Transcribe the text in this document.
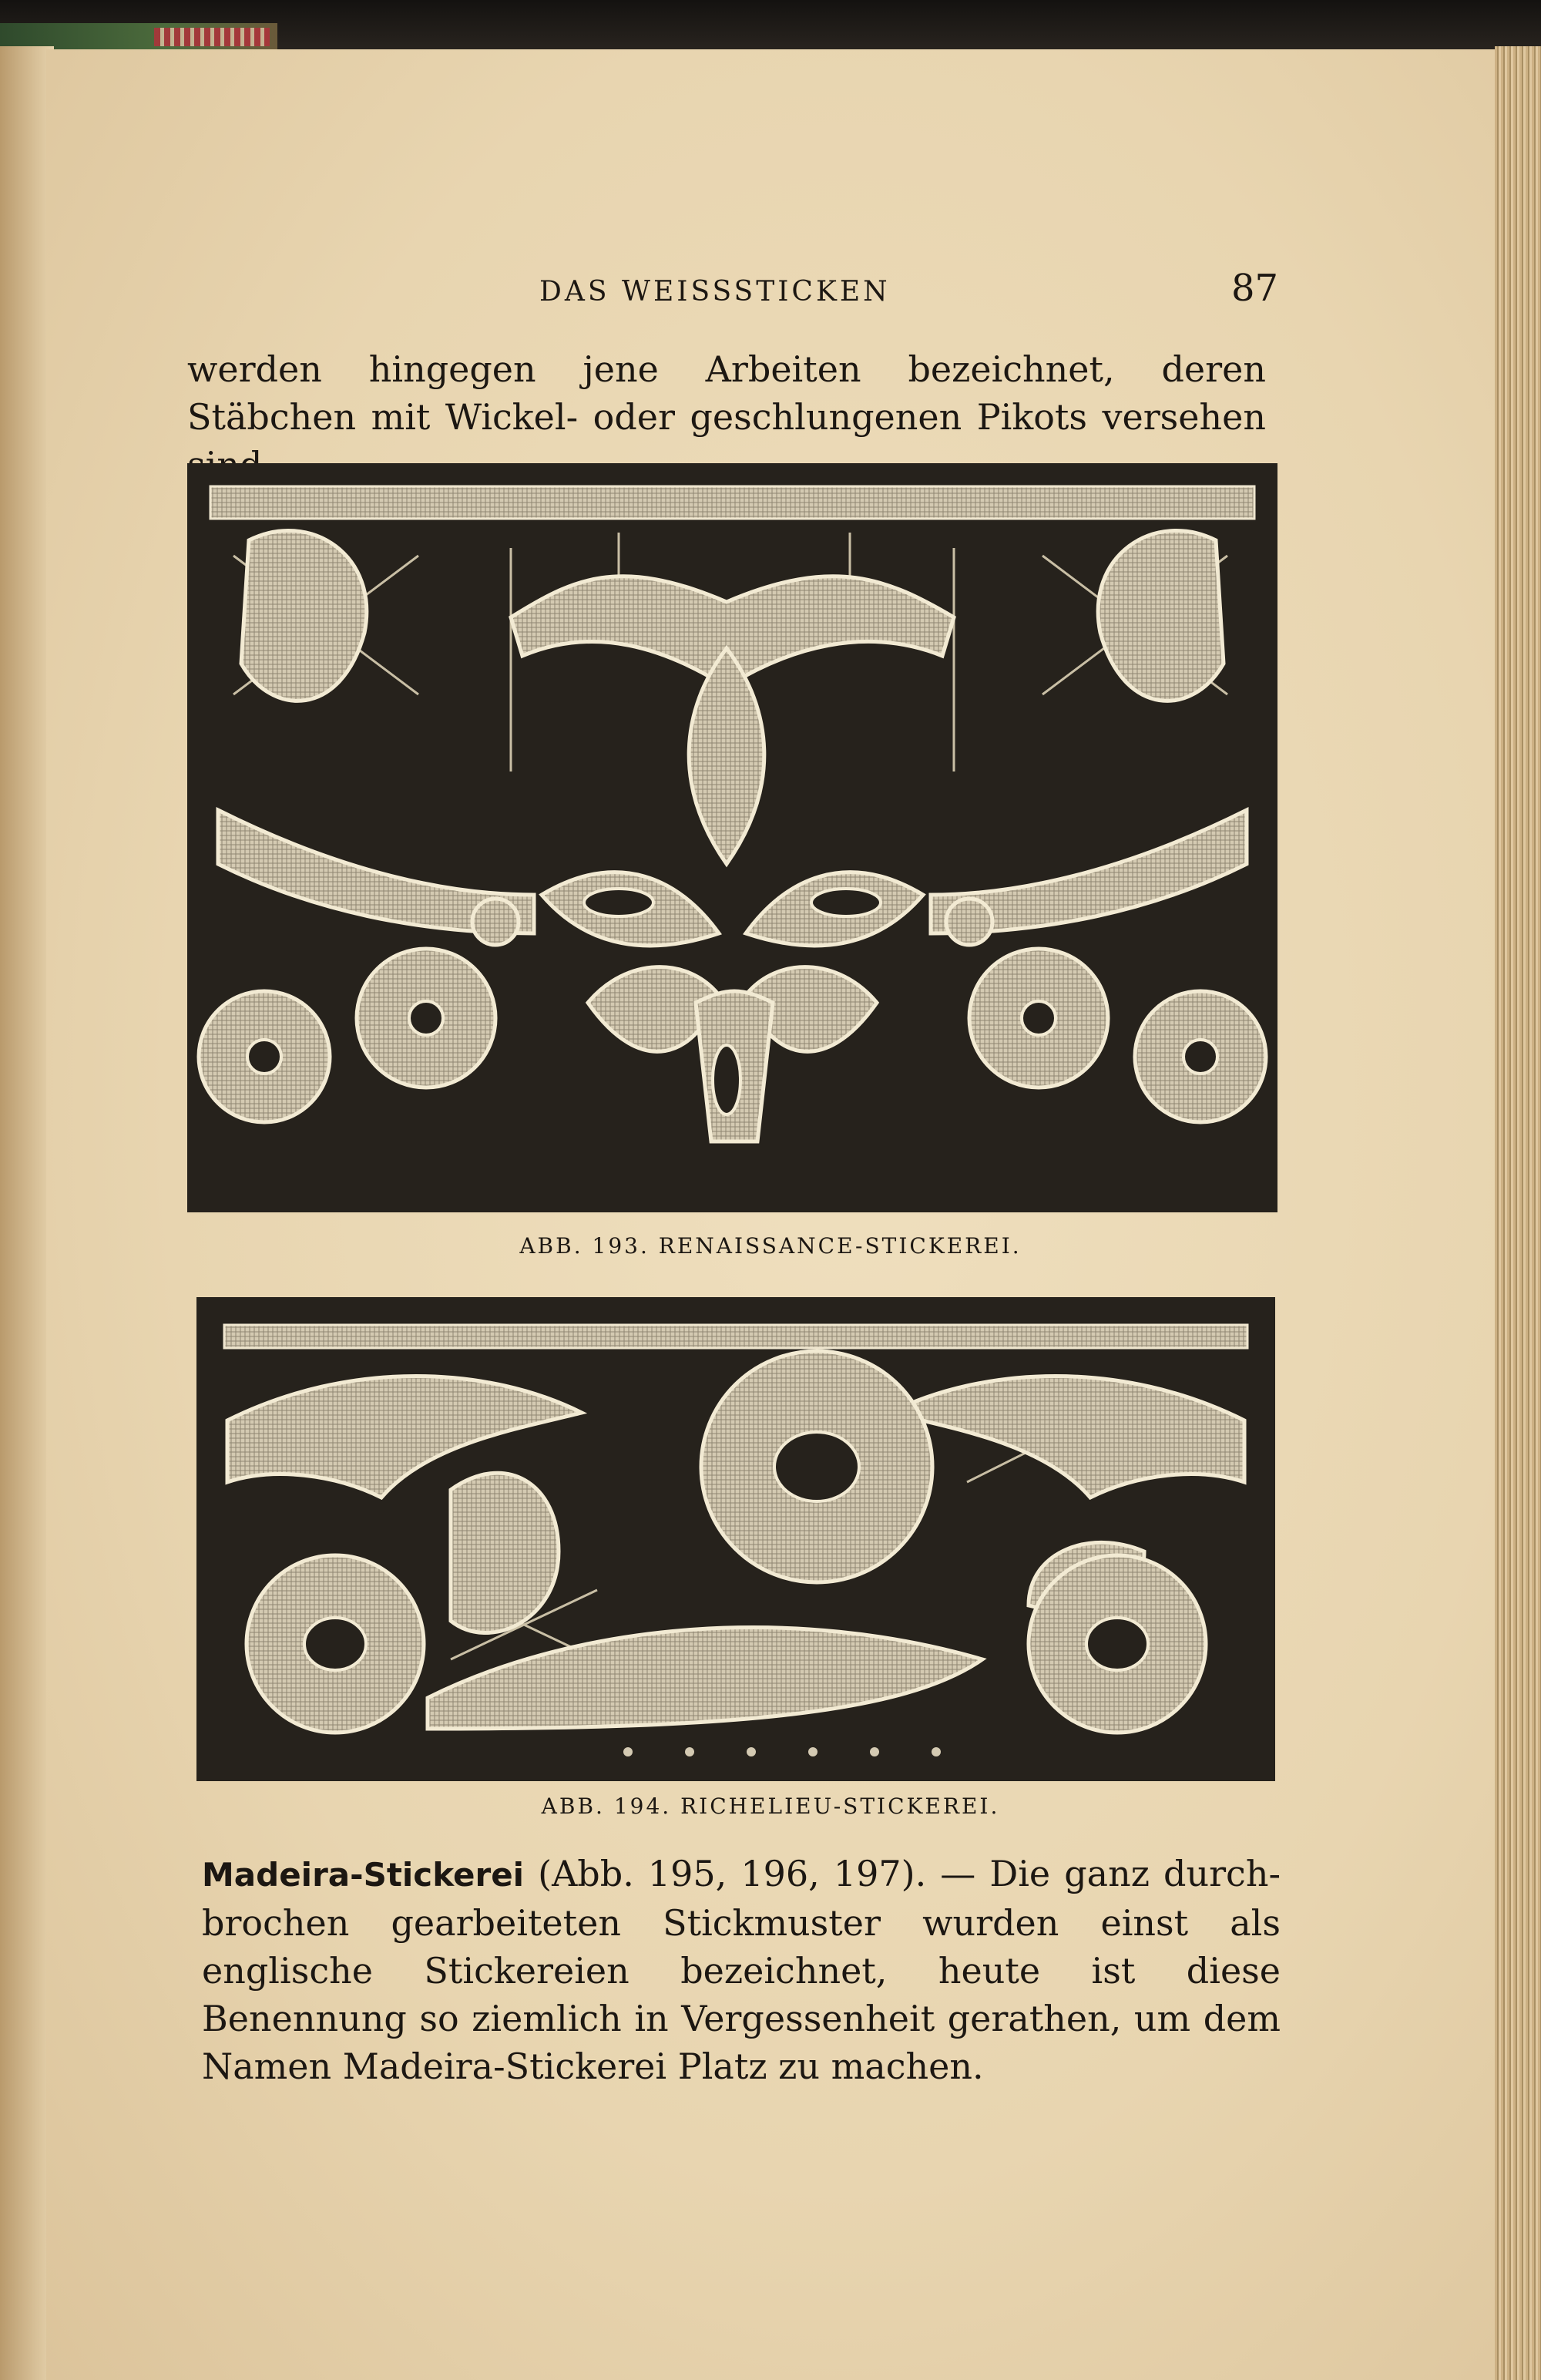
DAS WEISSSTICKEN	87
werden hingegen jene Arbeiten bezeichnet, deren Stäbchen mit Wickel- oder geschlungenen Pikots versehen
ABB. 193. RENAISSANCE-STICKEREI.
ABB. 194. RICHELIEU-STICKEREI.
Madeira-Stickerei (Abb. 195, 196, 197). — Die ganz durch- brochen gearbeiteten Stickmuster wurden einst als englische Stickereien bezeichnet, heute ist diese Benennung so ziemlich in Vergessenheit gerathen, um dem Namen Madeira-Stickerei Platz zu machen.
